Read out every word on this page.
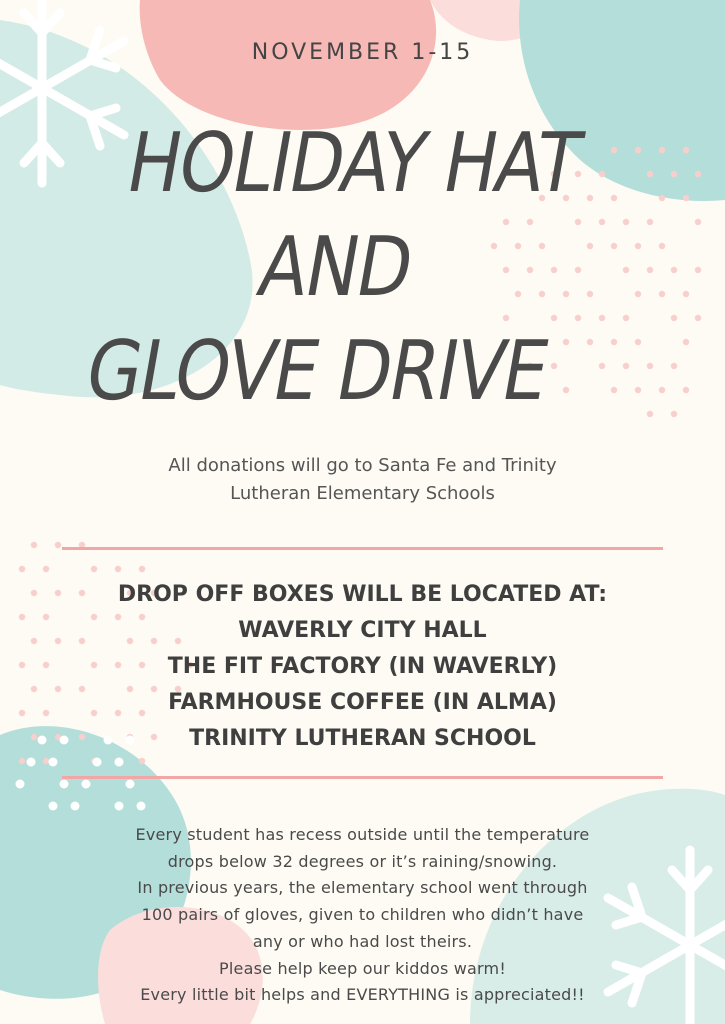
NOVEMBER 1-15
HOLIDAY HAT
AND
GLOVE DRIVE
All donations will go to Santa Fe and Trinity
Lutheran Elementary Schools
DROP OFF BOXES WILL BE LOCATED AT:
WAVERLY CITY HALL
THE FIT FACTORY (IN WAVERLY)
FARMHOUSE COFFEE (IN ALMA)
TRINITY LUTHERAN SCHOOL
Every student has recess outside until the temperature
drops below 32 degrees or it’s raining/snowing.
In previous years, the elementary school went through
100 pairs of gloves, given to children who didn’t have
any or who had lost theirs.
Please help keep our kiddos warm!
Every little bit helps and EVERYTHING is appreciated!!
